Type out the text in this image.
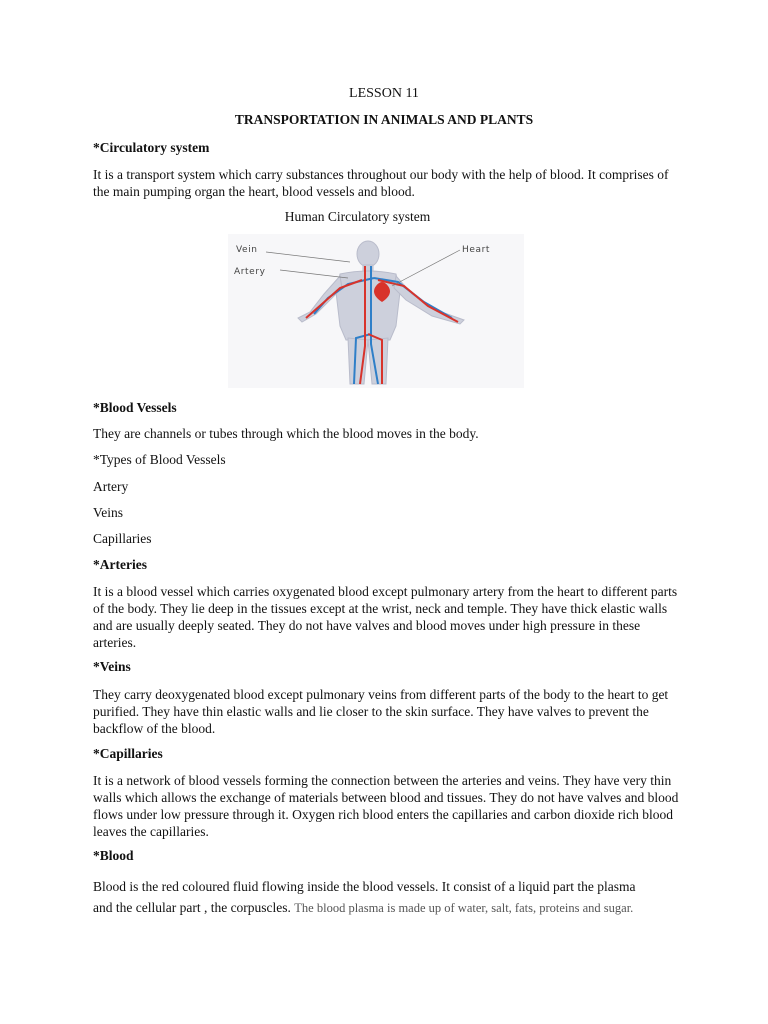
LESSON 11
TRANSPORTATION IN ANIMALS AND PLANTS
*Circulatory system
It is a transport system which carry substances throughout our body with the help of blood. It comprises of the main pumping organ the heart, blood vessels and blood.
Human Circulatory system
Vein
Artery
Heart
*Blood Vessels
They are channels or tubes through which the blood moves in the body.
*Types of Blood Vessels
Artery
Veins
Capillaries
*Arteries
It is a blood vessel which carries oxygenated blood except pulmonary artery from the heart to different parts of the body. They lie deep in the tissues except at the wrist, neck and temple. They have thick elastic walls and are usually deeply seated. They do not have valves and blood moves under high pressure in these arteries.
*Veins
They carry deoxygenated blood except pulmonary veins from different parts of the body to the heart to get purified. They have thin elastic walls and lie closer to the skin surface. They have valves to prevent the backflow of the blood.
*Capillaries
It is a network of blood vessels forming the connection between the arteries and veins. They have very thin walls which allows the exchange of materials between blood and tissues. They do not have valves and blood flows under low pressure through it. Oxygen rich blood enters the capillaries and carbon dioxide rich blood leaves the capillaries.
*Blood
Blood is the red coloured fluid flowing inside the blood vessels. It consist of a liquid part the plasma
and the cellular part , the corpuscles. The blood plasma is made up of water, salt, fats, proteins and sugar.
